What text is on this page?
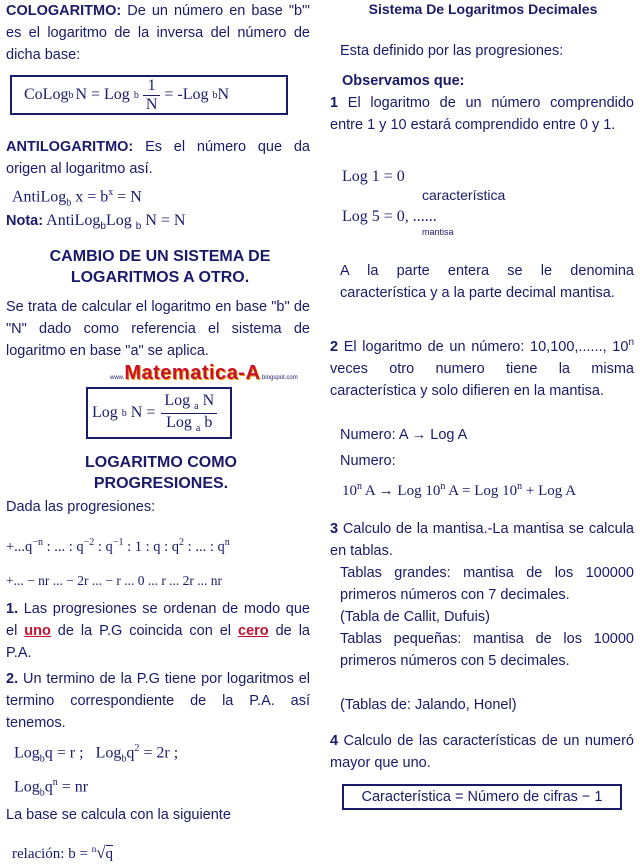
COLOGARITMO: De un número en base "b"' es el logaritmo de la inversa del número de dicha base:
CoLog b N = Log
b $\frac{1}{N} = -Log$
b N
ANTILOGARITMO: Es el número que da origen al logaritmo así.
AntiLog$_b$ $x = b^x = N$
Nota: AntiLog$_b$Log $_b$ N = N
CAMBIO DE UN SISTEMA DE LOGARITMOS A OTRO.
Se trata de calcular el logaritmo en base "b" de "N" dado como referencia el sistema de logaritmo en base "a" se aplica.
www.Matematica-A.blogspot.com
Log
b
$N = \frac{Log _a N}{Log _a b}$
LOGARITMO COMO PROGRESIONES.
Dada las progresiones:
$+...q^{-n}$ : ... : $q^{-2}$ : $q^{-1}$ : 1 : q : $q^2$ : ... : $q^n$
+... − nr ... − 2r ... − r ... 0 ... r ... 2r ... nr
1. Las progresiones se ordenan de modo que el uno de la P.G coincida con el cero de la P.A.
2. Un termino de la P.G tiene por logaritmos el termino correspondiente de la P.A. así tenemos.
Log$_b$q = r ; $Log_bq^2 = 2r$ ;
$Log_bq^n$ = nr
La base se calcula con la siguiente
relación: b = $^n$√q
Sistema De Logaritmos Decimales
Esta definido por las progresiones:
Observamos que:
1 El logaritmo de un número comprendido entre 1 y 10 estará comprendido entre 0 y 1.
Log 1 = 0
característica
Log 5 = 0, ......
mantisa
A la parte entera se le denomina característica y a la parte decimal mantisa.
2 El logaritmo de un número: 10,100,......, 10$^n$ veces otro numero tiene la misma característica y solo difieren en la mantisa.
Numero: A → Log A
Numero:
10$^n$ A → Log 10$^n$ A = Log $10^n$ + Log A
3 Calculo de la mantisa.-La mantisa se calcula en tablas.
Tablas grandes: mantisa de los 100000 primeros números con 7 decimales.
(Tabla de Callit, Dufuis)
Tablas pequeñas: mantisa de los 10000 primeros números con 5 decimales.
(Tablas de: Jalando, Honel)
4 Calculo de las características de un numeró mayor que uno.
Característica = Número de cifras − 1
